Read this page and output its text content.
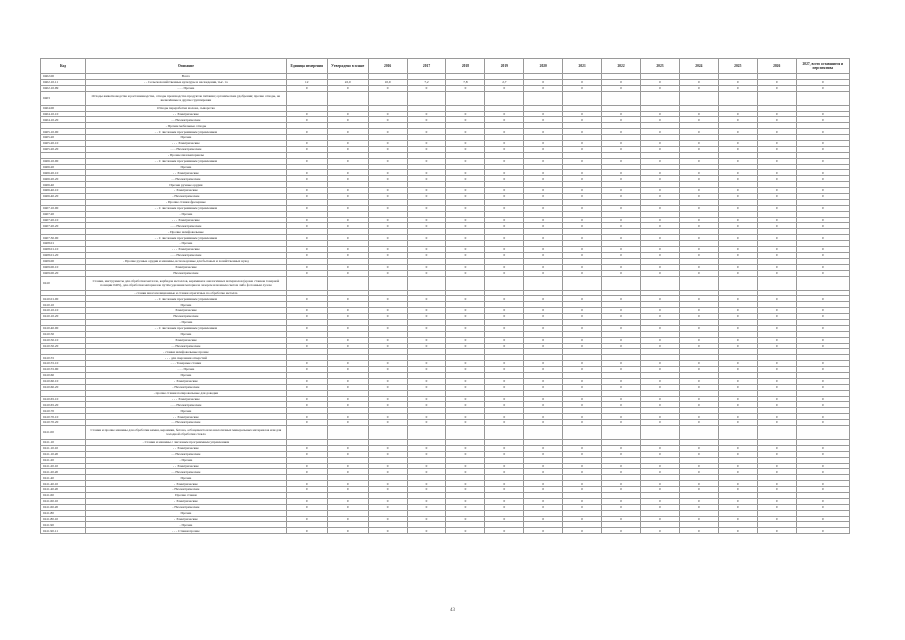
Код	Описание	Единица измерения	Утверждено в плане	2016	2017	2018	2019	2020	2021	2022	2023	2024	2025	2026	2027, всего оставшиеся и перспектива
0402.00	Всего														
0402.10.11	- - Сельскохозяйственные культуры и насаждения, тыс. га	12	22,0	10,9	7,2	7,8	2,7	0	0	0	0	0	0	0	0
0402.10.99	- - - Прочие	0	0	0	0	0	0	0	0	0	0	0	0	0	0
0403	Отходы животноводства и растениеводства, отходы производства продуктов питания; органические удобрения; прочие отходы, не включённые в другие группировки														
0404.00	Отходы переработки молока, сыворотка														
0404.10.10	- - Электрические	0	0	0	0	0	0	0	0	0	0	0	0	0	0
0404.10.20	- - Неэлектрические	0	0	0	0	0	0	0	0	0	0	0	0	0	0
	- Прочие мебельные отходы														
0405.10.00	- - С числовым программным управлением	0	0	0	0	0	0	0	0	0	0	0	0	0	0
0405.20	Прочие														
0405.20.10	- - - Электрические	0	0	0	0	0	0	0	0	0	0	0	0	0	0
0405.20.20	- - - Неэлектрические	0	0	0	0	0	0	0	0	0	0	0	0	0	0
	- Прочие пиломатериалы														
0406.10.00	- - С числовым программным управлением	0	0	0	0	0	0	0	0	0	0	0	0	0	0
0406.20	Прочие														
0406.20.10	- - Электрические	0	0	0	0	0	0	0	0	0	0	0	0	0	0
0406.20.20	- - Неэлектрические	0	0	0	0	0	0	0	0	0	0	0	0	0	0
0406.40	Прочие ручные орудия														
0406.40.10	- Электрические	0	0	0	0	0	0	0	0	0	0	0	0	0	0
0406.40.20	- Неэлектрические	0	0	0	0	0	0	0	0	0	0	0	0	0	0
	- Прочие станки фрезерные														
0407.10.00	- - С числовым программным управлением	0	0	0	0	0	0	0	0	0	0	0	0	0	0
0407.20	- Прочие														
0407.20.10	- - - Электрические	0	0	0	0	0	0	0	0	0	0	0	0	0	0
0407.20.20	- - - Неэлектрические	0	0	0	0	0	0	0	0	0	0	0	0	0	0
	- Прочие шлифовальные														
0407.30.00	- - С числовым программным управлением	0	0	0	0	0	0	0	0	0	0	0	0	0	0
0408.01	- Прочие														
0408.01.10	- - - Электрические	0	0	0	0	0	0	0	0	0	0	0	0	0	0
0408.01.20	- - - Неэлектрические	0	0	0	0	0	0	0	0	0	0	0	0	0	0
0409.00	- Прочие ручные орудия и машины, используемые для бытовых и хозяйственных нужд														
0409.00.10	Электрические	0	0	0	0	0	0	0	0	0	0	0	0	0	0
0409.00.20	Неэлектрические	0	0	0	0	0	0	0	0	0	0	0	0	0	0
0410	Станки, инструменты для обработки металла, карбидов металлов, керамики и аналогичных материалов (кроме станков товарной позиции 0405), для обработки материалов путём удаления материала лазером или иным светом либо фотонным лучом														
	- станки многопозиционные и станки агрегатные по обработке металла														
0410.01.00	- - С числовым программным управлением	0	0	0	0	0	0	0	0	0	0	0	0	0	0
0410.10	Прочие														
0410.10.10	Электрические	0	0	0	0	0	0	0	0	0	0	0	0	0	0
0410.10.20	Неэлектрические	0	0	0	0	0	0	0	0	0	0	0	0	0	0
	- Прочие														
0410.40.00	- - С числовым программным управлением	0	0	0	0	0	0	0	0	0	0	0	0	0	0
0410.50	Прочие														
0410.50.10	Электрические	0	0	0	0	0	0	0	0	0	0	0	0	0	0
0410.50.20	- - Неэлектрические	0	0	0	0	0	0	0	0	0	0	0	0	0	0
	- станки шлифовальные прочие														
0410.55	- - - для сверления отверстий														
0410.55.10	- - - Токарные станки	0	0	0	0	0	0	0	0	0	0	0	0	0	0
0410.55.90	- - - Прочие	0	0	0	0	0	0	0	0	0	0	0	0	0	0
0410.60	Прочие														
0410.60.10	- Электрические	0	0	0	0	0	0	0	0	0	0	0	0	0	0
0410.60.20	- Неэлектрические	0	0	0	0	0	0	0	0	0	0	0	0	0	0
	- прочие станки полировальные для доводки														
0410.65.10	- - - Электрические	0	0	0	0	0	0	0	0	0	0	0	0	0	0
0410.65.20	- - - Неэлектрические	0	0	0	0	0	0	0	0	0	0	0	0	0	0
0410.70	Прочие														
0410.70.10	- - Электрические	0	0	0	0	0	0	0	0	0	0	0	0	0	0
0410.70.20	- - Неэлектрические	0	0	0	0	0	0	0	0	0	0	0	0	0	0
0411.00	Станки и прочие машины для обработки камня, керамики, бетона, асбоцемента или аналогичных минеральных материалов или для холодной обработки стекла														
0411.10	- Станки и машины с числовым программным управлением														
0411.10.10	- - Электрические	0	0	0	0	0	0	0	0	0	0	0	0	0	0
0411.10.20	- - Неэлектрические	0	0	0	0	0	0	0	0	0	0	0	0	0	0
0411.20	- Прочие														
0411.20.10	- - Электрические	0	0	0	0	0	0	0	0	0	0	0	0	0	0
0411.20.20	- - Неэлектрические	0	0	0	0	0	0	0	0	0	0	0	0	0	0
0411.40	Прочие														
0411.40.10	- Электрические	0	0	0	0	0	0	0	0	0	0	0	0	0	0
0411.40.20	- Неэлектрические	0	0	0	0	0	0	0	0	0	0	0	0	0	0
0411.60	Прочие станки														
0411.60.10	- Электрические	0	0	0	0	0	0	0	0	0	0	0	0	0	0
0411.60.20	- Неэлектрические	0	0	0	0	0	0	0	0	0	0	0	0	0	0
0411.80	Прочие														
0411.80.10	- Электрические	0	0	0	0	0	0	0	0	0	0	0	0	0	0
0411.90	- Прочие														
0411.90.11	- - - Станки прочие	0	0	0	0	0	0	0	0	0	0	0	0	0	0
43
